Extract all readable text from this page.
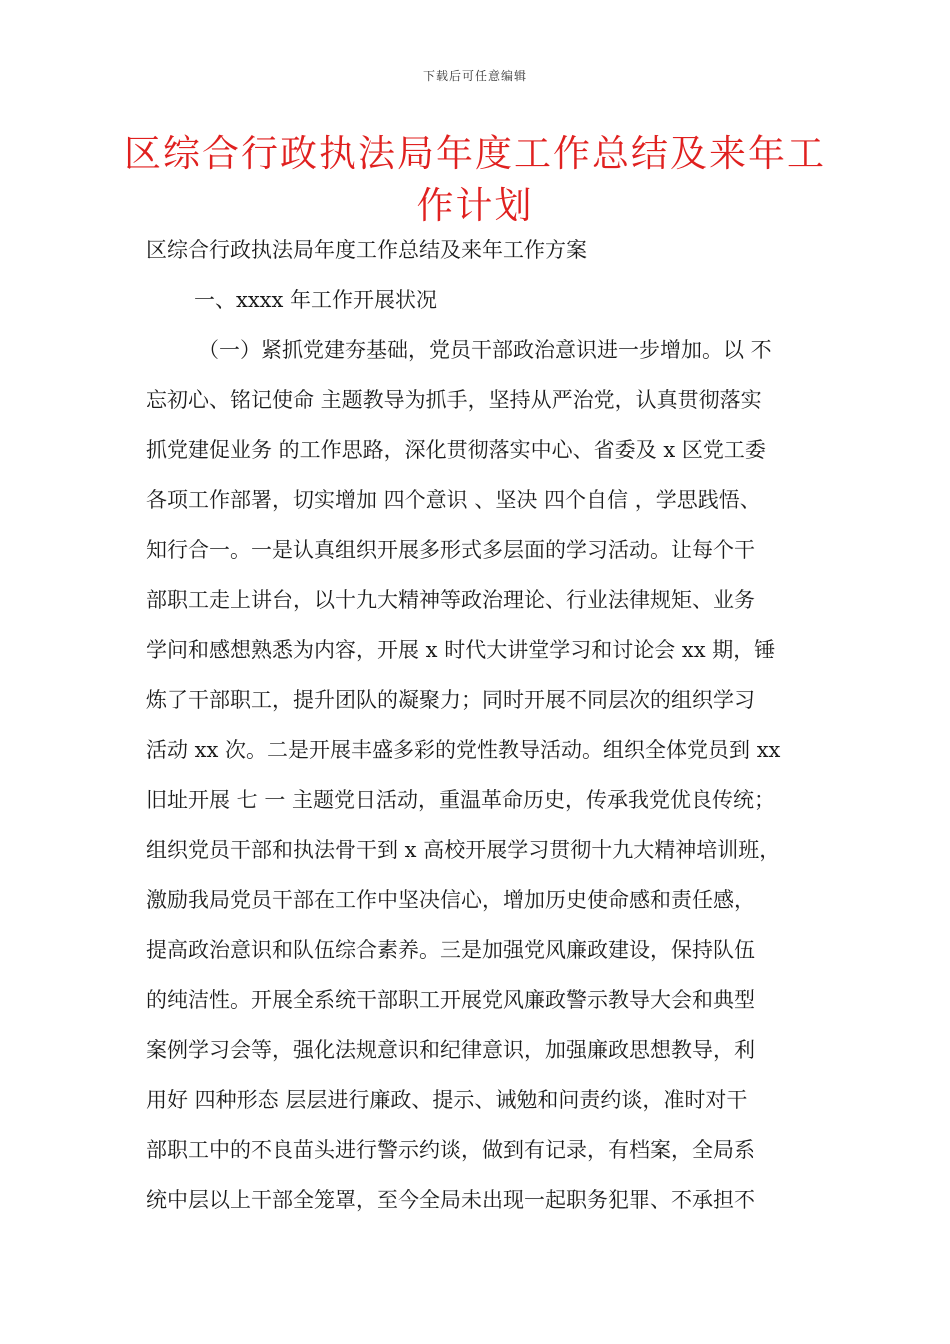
下载后可任意编辑
区综合行政执法局年度工作总结及来年工
作计划
区综合行政执法局年度工作总结及来年工作方案
一、xxxx 年工作开展状况
（一）紧抓党建夯基础，党员干部政治意识进一步增加。以 不
忘初心、铭记使命 主题教导为抓手，坚持从严治党，认真贯彻落实
抓党建促业务 的工作思路，深化贯彻落实中心、省委及 x 区党工委
各项工作部署，切实增加 四个意识 、坚决 四个自信 ，学思践悟、
知行合一。一是认真组织开展多形式多层面的学习活动。让每个干
部职工走上讲台，以十九大精神等政治理论、行业法律规矩、业务
学问和感想熟悉为内容，开展 x 时代大讲堂学习和讨论会 xx 期，锤
炼了干部职工，提升团队的凝聚力；同时开展不同层次的组织学习
活动 xx 次。二是开展丰盛多彩的党性教导活动。组织全体党员到 xx
旧址开展 七 一 主题党日活动，重温革命历史，传承我党优良传统；
组织党员干部和执法骨干到 x 高校开展学习贯彻十九大精神培训班，
激励我局党员干部在工作中坚决信心，增加历史使命感和责任感，
提高政治意识和队伍综合素养。三是加强党风廉政建设，保持队伍
的纯洁性。开展全系统干部职工开展党风廉政警示教导大会和典型
案例学习会等，强化法规意识和纪律意识，加强廉政思想教导，利
用好 四种形态 层层进行廉政、提示、诫勉和问责约谈，准时对干
部职工中的不良苗头进行警示约谈，做到有记录，有档案，全局系
统中层以上干部全笼罩，至今全局未出现一起职务犯罪、不承担不
